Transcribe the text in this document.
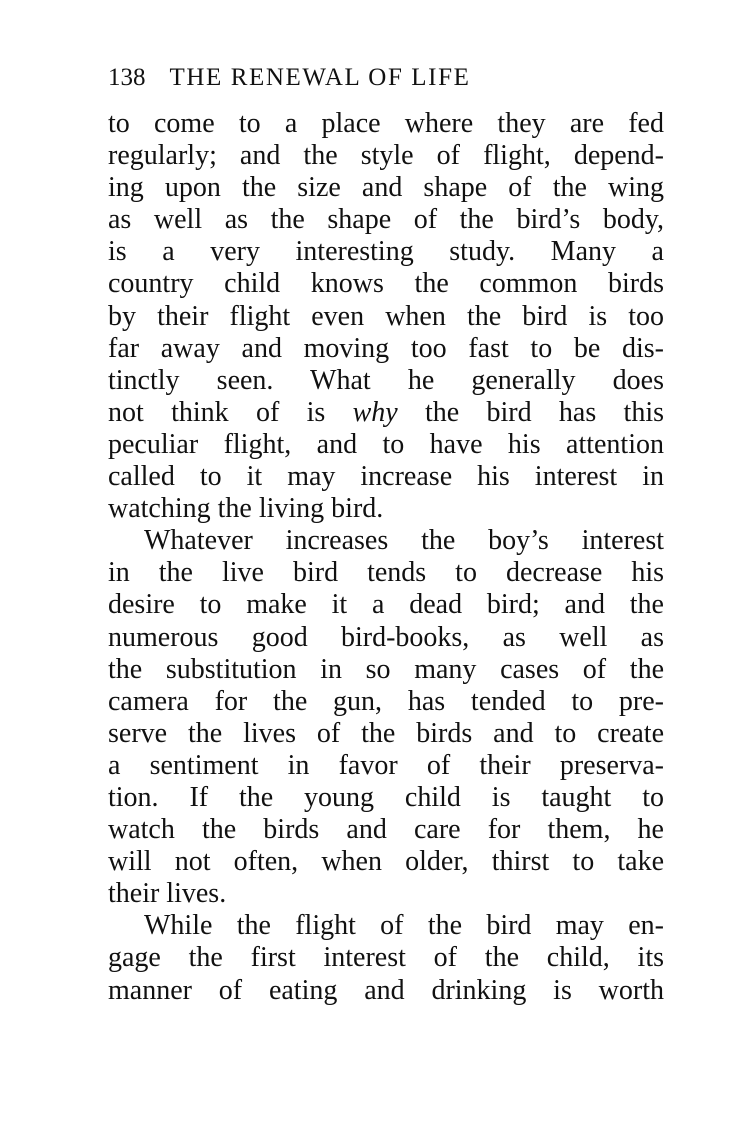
138 THE RENEWAL OF LIFE
to come to a place where they are fed
regularly; and the style of flight, depend-
ing upon the size and shape of the wing
as well as the shape of the bird’s body,
is a very interesting study. Many a
country child knows the common birds
by their flight even when the bird is too
far away and moving too fast to be dis-
tinctly seen. What he generally does
not think of is why the bird has this
peculiar flight, and to have his attention
called to it may increase his interest in
watching the living bird.
Whatever increases the boy’s interest
in the live bird tends to decrease his
desire to make it a dead bird; and the
numerous good bird-books, as well as
the substitution in so many cases of the
camera for the gun, has tended to pre-
serve the lives of the birds and to create
a sentiment in favor of their preserva-
tion. If the young child is taught to
watch the birds and care for them, he
will not often, when older, thirst to take
their lives.
While the flight of the bird may en-
gage the first interest of the child, its
manner of eating and drinking is worth
